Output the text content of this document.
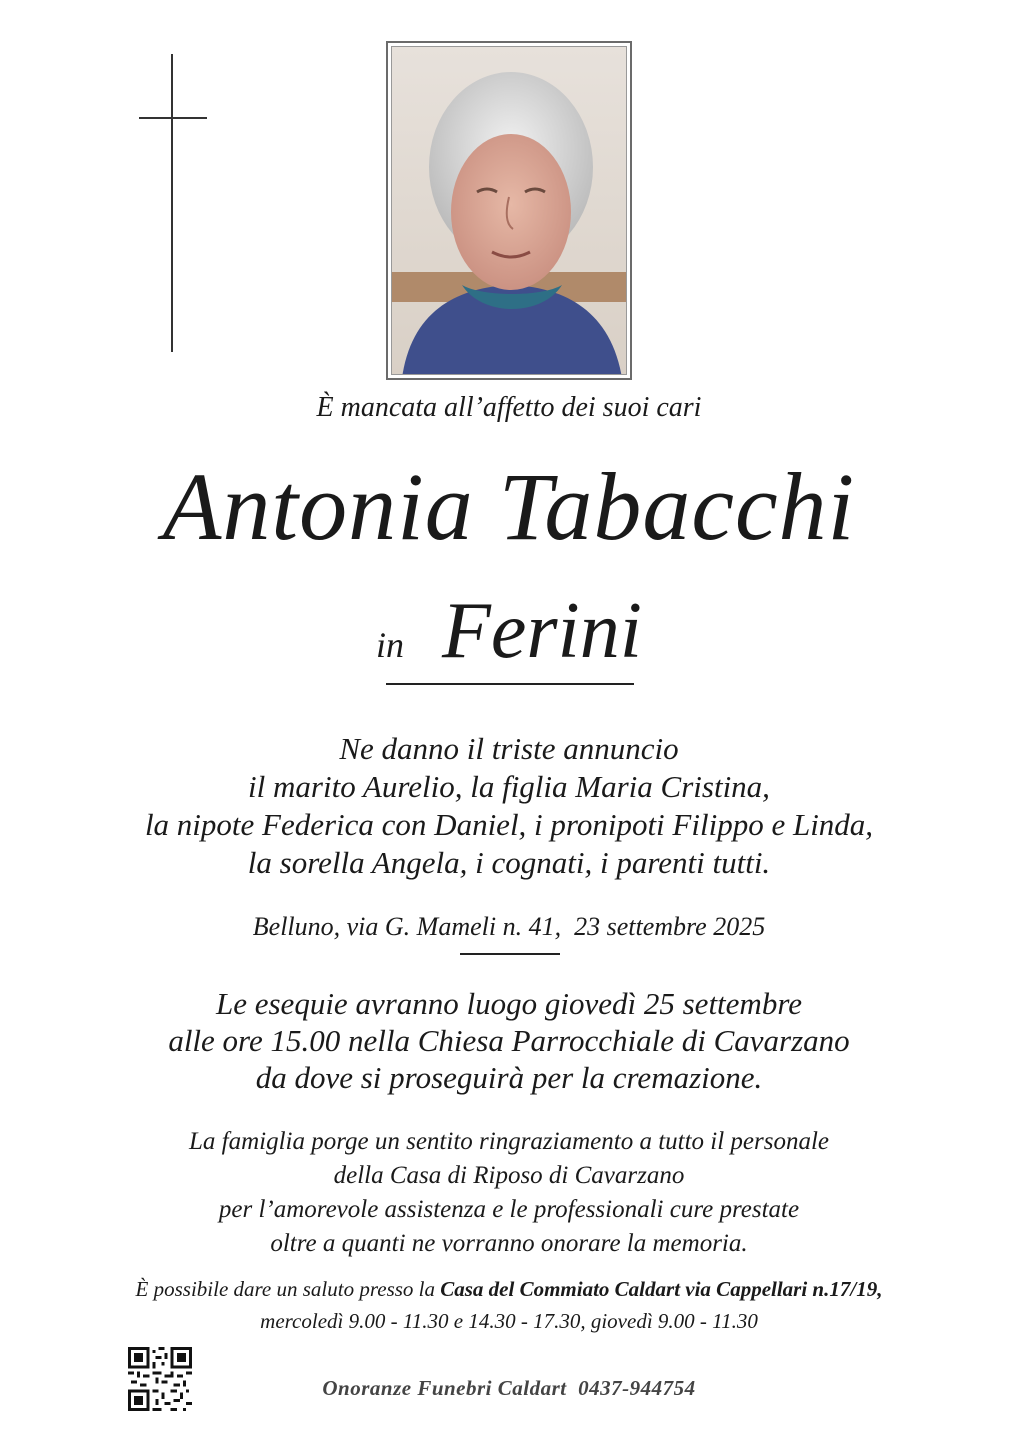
È mancata all’affetto dei suoi cari
Antonia Tabacchi
in Ferini
Ne danno il triste annuncio
il marito Aurelio, la figlia Maria Cristina,
la nipote Federica con Daniel, i pronipoti Filippo e Linda,
la sorella Angela, i cognati, i parenti tutti.
Belluno, via G. Mameli n. 41,  23 settembre 2025
Le esequie avranno luogo giovedì 25 settembre
alle ore 15.00 nella Chiesa Parrocchiale di Cavarzano
da dove si proseguirà per la cremazione.
La famiglia porge un sentito ringraziamento a tutto il personale
della Casa di Riposo di Cavarzano
per l’amorevole assistenza e le professionali cure prestate
oltre a quanti ne vorranno onorare la memoria.
È possibile dare un saluto presso la Casa del Commiato Caldart via Cappellari n.17/19,
mercoledì 9.00 - 11.30 e 14.30 - 17.30, giovedì 9.00 - 11.30
Onoranze Funebri Caldart  0437-944754
